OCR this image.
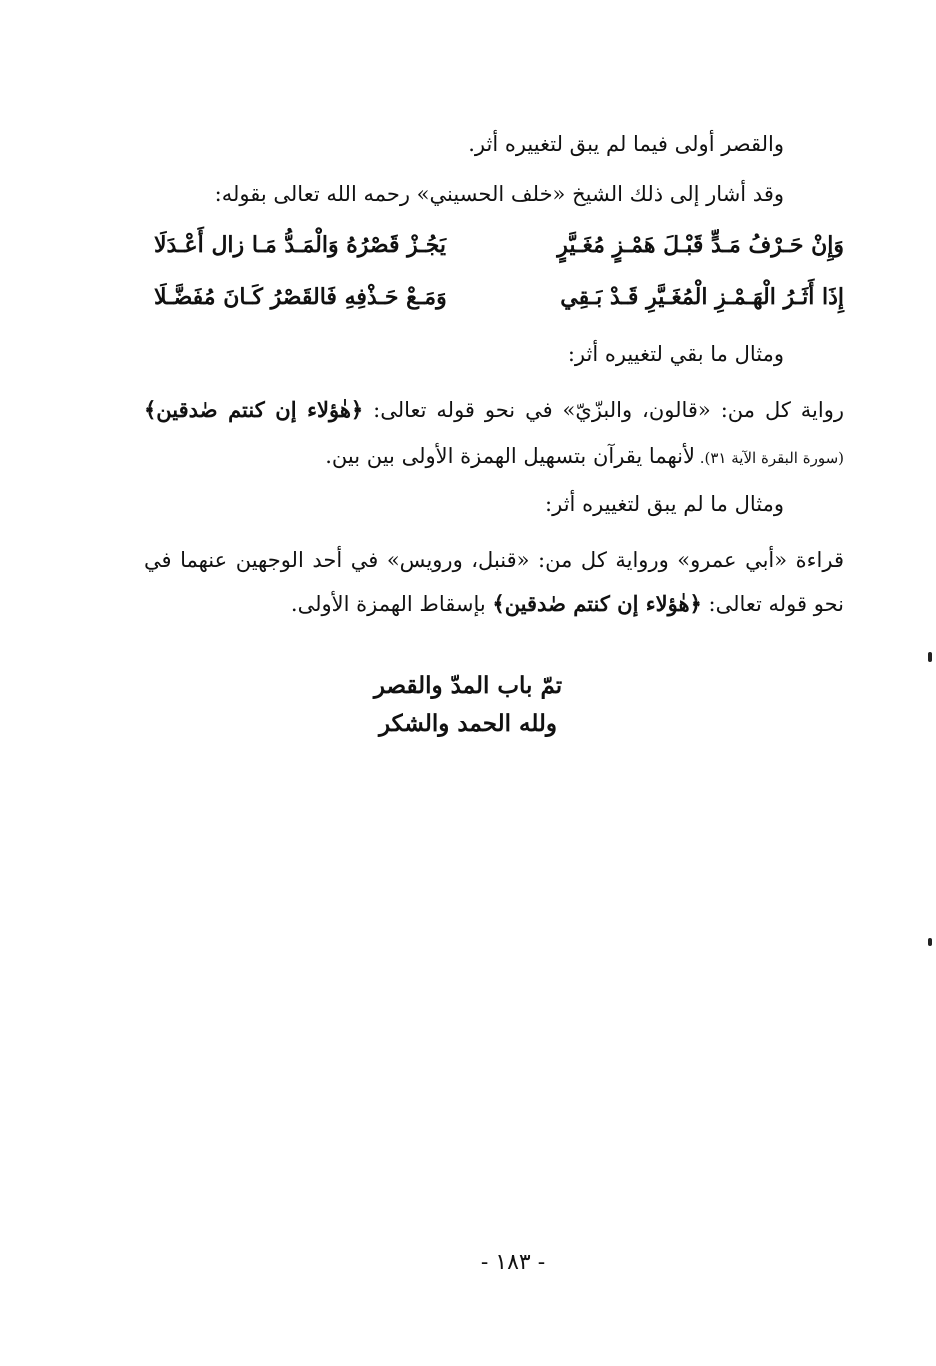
والقصر أولى فيما لم يبق لتغييره أثر.
وقد أشار إلى ذلك الشيخ «خلف الحسيني» رحمه الله تعالى بقوله:
وَإِنْ حَـرْفُ مَـدٍّ قَبْـلَ هَمْـزٍ مُغَـيَّرٍ
يَجُـزْ قَصْرُهُ وَالْمَـدُّ مَـا زال أَعْـدَلَا
إِذَا أَثَـرُ الْهَـمْـزِ الْمُغَـيَّرِ قَـدْ بَـقِي
وَمَـعْ حَـذْفِهِ فَالقَصْرُ كَـانَ مُفَضَّـلَا
ومثال ما بقي لتغييره أثر:
رواية كل من: «قالون، والبزّيّ» في نحو قوله تعالى: ﴿هٰؤلاء إن كنتم صٰدقين﴾ (سورة البقرة الآية ٣١). لأنهما يقرآن بتسهيل الهمزة الأولى بين بين.
ومثال ما لم يبق لتغييره أثر:
قراءة «أبي عمرو» ورواية كل من: «قنبل، ورويس» في أحد الوجهين عنهما في نحو قوله تعالى: ﴿هٰؤلاء إن كنتم صٰدقين﴾ بإسقاط الهمزة الأولى.
تمّ باب المدّ والقصر
ولله الحمد والشكر
- ١٨٣ -
